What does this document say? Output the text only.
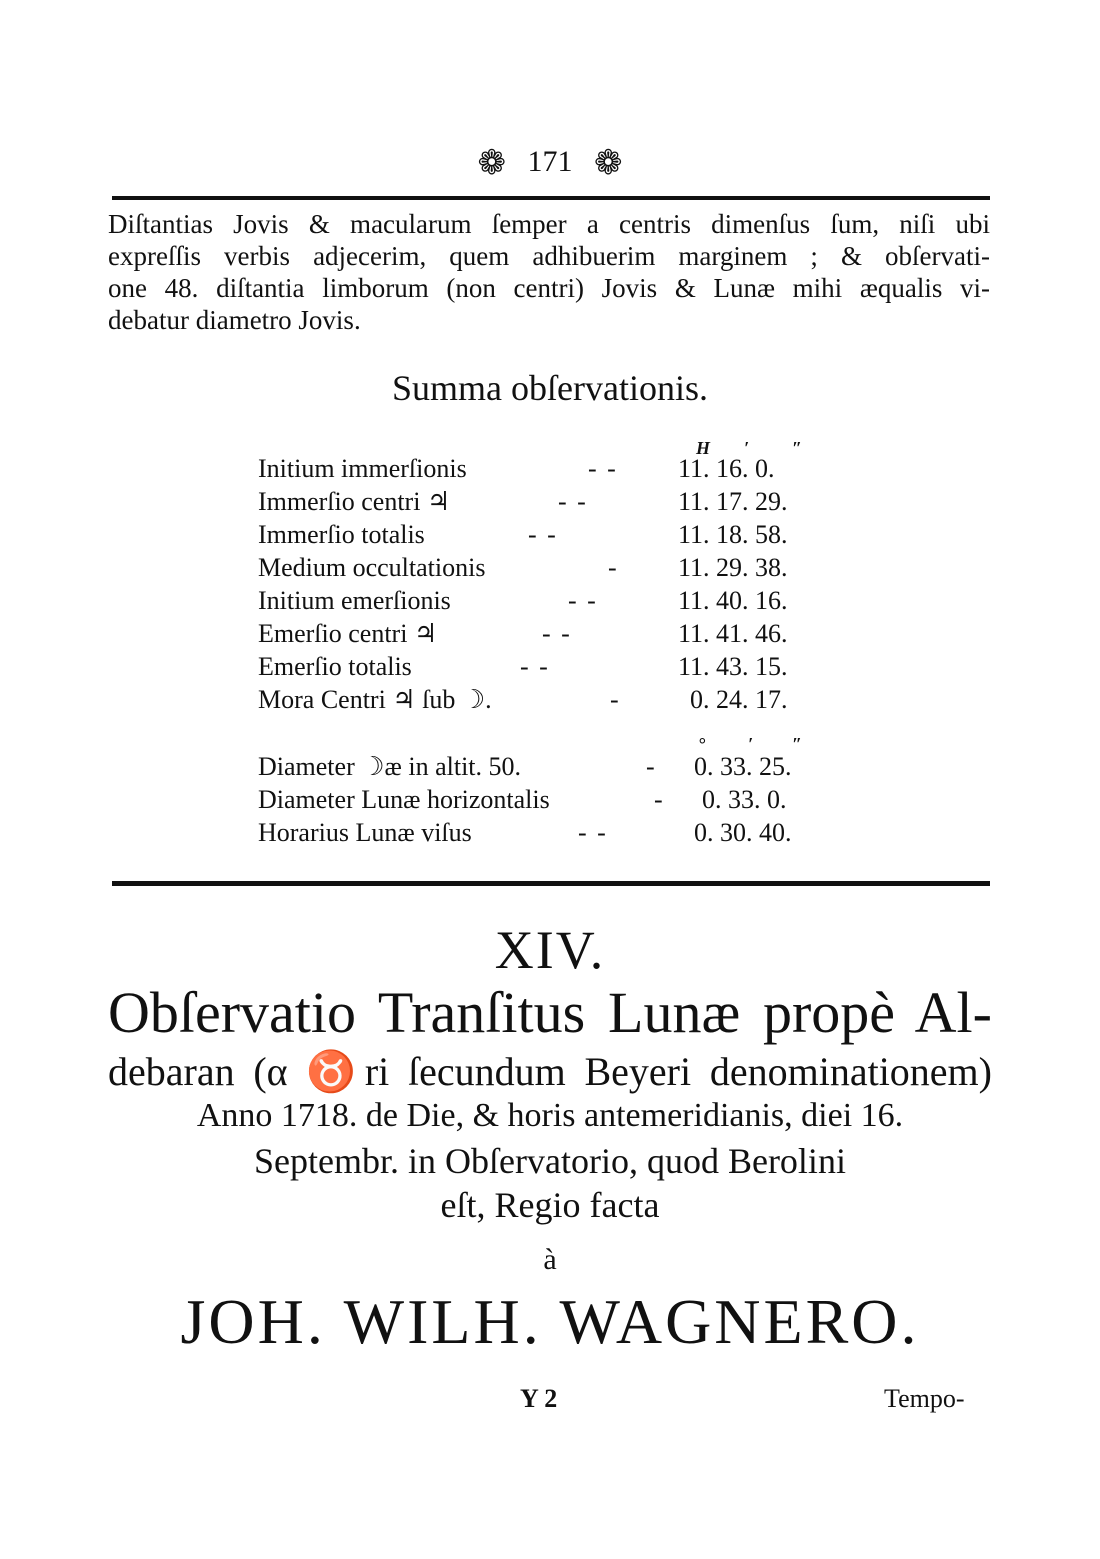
❁ 171 ❁
Diſtantias Jovis & macularum ſemper a centris dimenſus ſum, niſi ubi
expreſſis verbis adjecerim, quem adhibuerim marginem ; & obſervati-
one 48. diſtantia limborum (non centri) Jovis & Lunæ mihi æqualis vi-
debatur diametro Jovis.
Summa obſervationis.
H ′ ″
Initium immerſionis	- - 11. 16. 0.
Immerſio centri ♃	- -	11. 17. 29.
Immerſio totalis	- -	11. 18. 58.
Medium occultationis	- 11. 29. 38.
Initium emerſionis	- -	11. 40. 16.
Emerſio centri ♃	- -	11. 41. 46.
Emerſio totalis	- -	11. 43. 15.
Mora Centri ♃ ſub ☽.	-	0. 24. 17.
° ′ ″
Diameter ☽æ in altit. 50.	- 0. 33. 25.
Diameter Lunæ horizontalis	- 0. 33. 0.
Horarius Lunæ viſus	- -	0. 30. 40.
XIV.
Obſervatio Tranſitus Lunæ propè Al-
debaran (α ♉ri ſecundum Beyeri denominationem)
Anno 1718. de Die, & horis antemeridianis, diei 16.
Septembr. in Obſervatorio, quod Berolini
eſt, Regio facta
à
JOH. WILH. WAGNERO.
Y 2	Tempo-
